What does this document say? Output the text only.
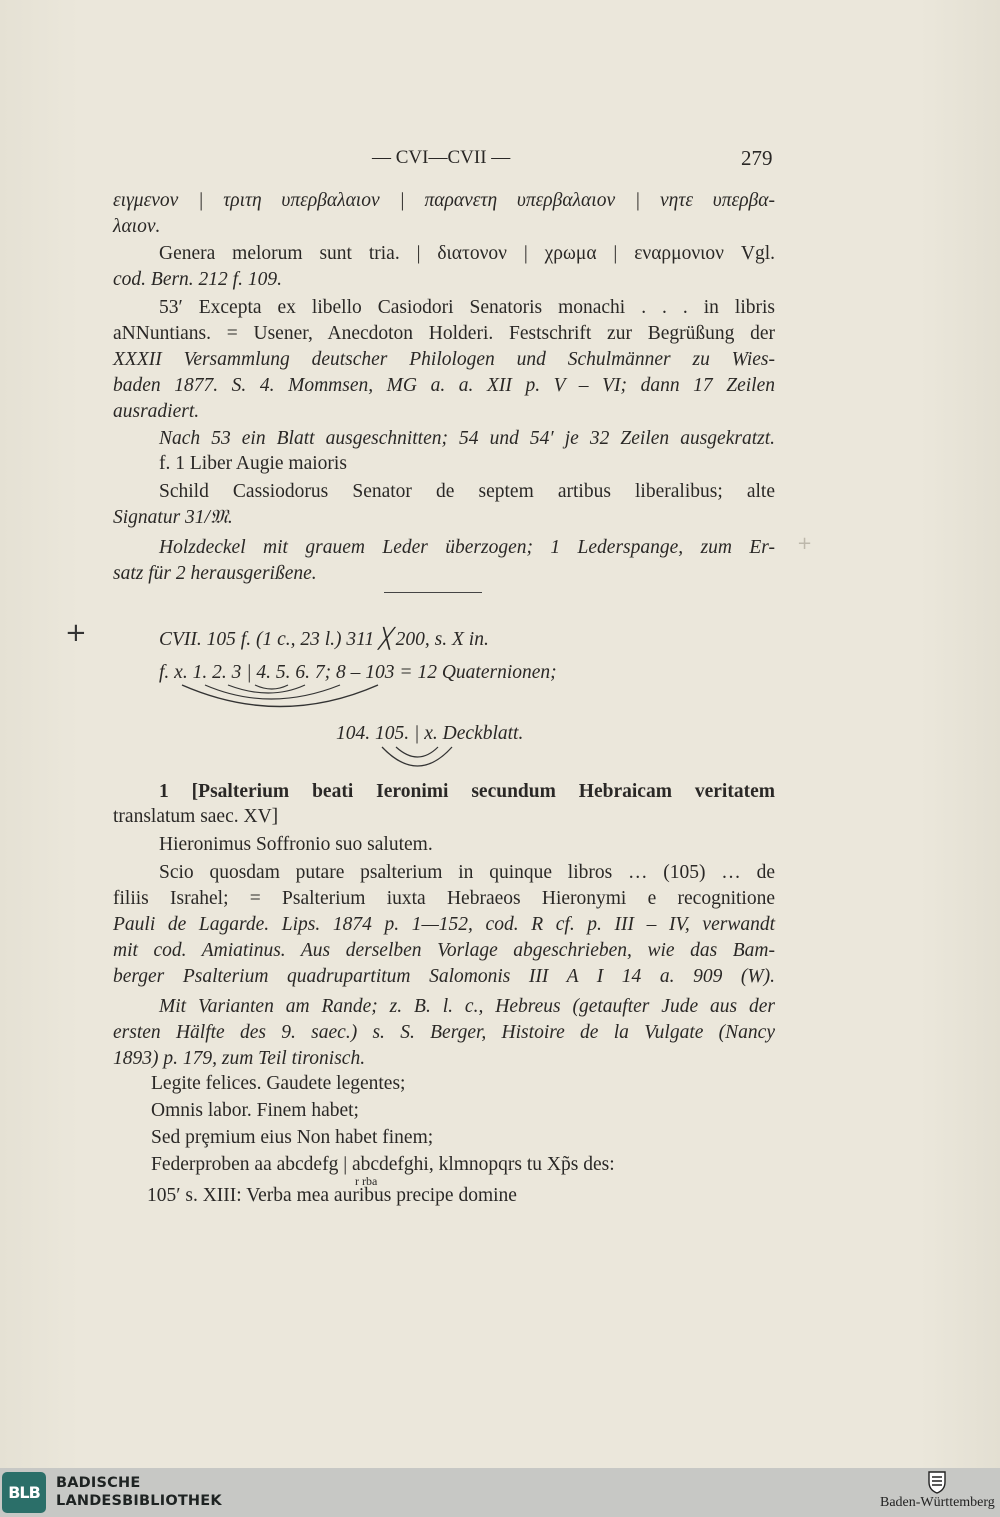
— CVI—CVII —	279
ειγμενον | τριτη υπερβαλαιον | παρανετη υπερβαλαιον | νητε υπερβα-
λαιον.
Genera melorum sunt tria. | διατονον | χρωμα | εναρμονιον Vgl.
cod. Bern. 212 f. 109.
53′ Excepta ex libello Casiodori Senatoris monachi . . . in libris
aNNuntians. = Usener, Anecdoton Holderi. Festschrift zur Begrüßung der
XXXII Versammlung deutscher Philologen und Schulmänner zu Wies-
baden 1877. S. 4. Mommsen, MG a. a. XII p. V – VI; dann 17 Zeilen
ausradiert.
Nach 53 ein Blatt ausgeschnitten; 54 und 54′ je 32 Zeilen ausgekratzt.
f. 1 Liber Augie maioris
Schild Cassiodorus Senator de septem artibus liberalibus; alte
Signatur 31/𝔐.
Holzdeckel mit grauem Leder überzogen; 1 Lederspange, zum Er-
satz für 2 herausgerißene.
+
+
CVII. 105 f. (1 c., 23 l.) 311 ╳ 200, s. X in.
f. x. 1. 2. 3 | 4. 5. 6. 7; 8 – 103 = 12 Quaternionen;
104. 105. | x. Deckblatt.
1 [Psalterium beati Ieronimi secundum Hebraicam veritatem
translatum saec. XV]
Hieronimus Soffronio suo salutem.
Scio quosdam putare psalterium in quinque libros … (105) … de
filiis Israhel; = Psalterium iuxta Hebraeos Hieronymi e recognitione
Pauli de Lagarde. Lips. 1874 p. 1—152, cod. R cf. p. III – IV, verwandt
mit cod. Amiatinus. Aus derselben Vorlage abgeschrieben, wie das Bam-
berger Psalterium quadrupartitum Salomonis III A I 14 a. 909 (W).
Mit Varianten am Rande; z. B. l. c., Hebreus (getaufter Jude aus der
ersten Hälfte des 9. saec.) s. S. Berger, Histoire de la Vulgate (Nancy
1893) p. 179, zum Teil tironisch.
Legite felices. Gaudete legentes;
Omnis labor. Finem habet;
Sed prȩmium eius Non habet finem;
Federproben aa abcdefg | abcdefghi, klmnopqrs tu Xp̃s des:
105′ s. XIII: Verba mea auribus precipe domine
r rba
BLB	BADISCHE
LANDESBIBLIOTHEK	Baden-Württemberg
